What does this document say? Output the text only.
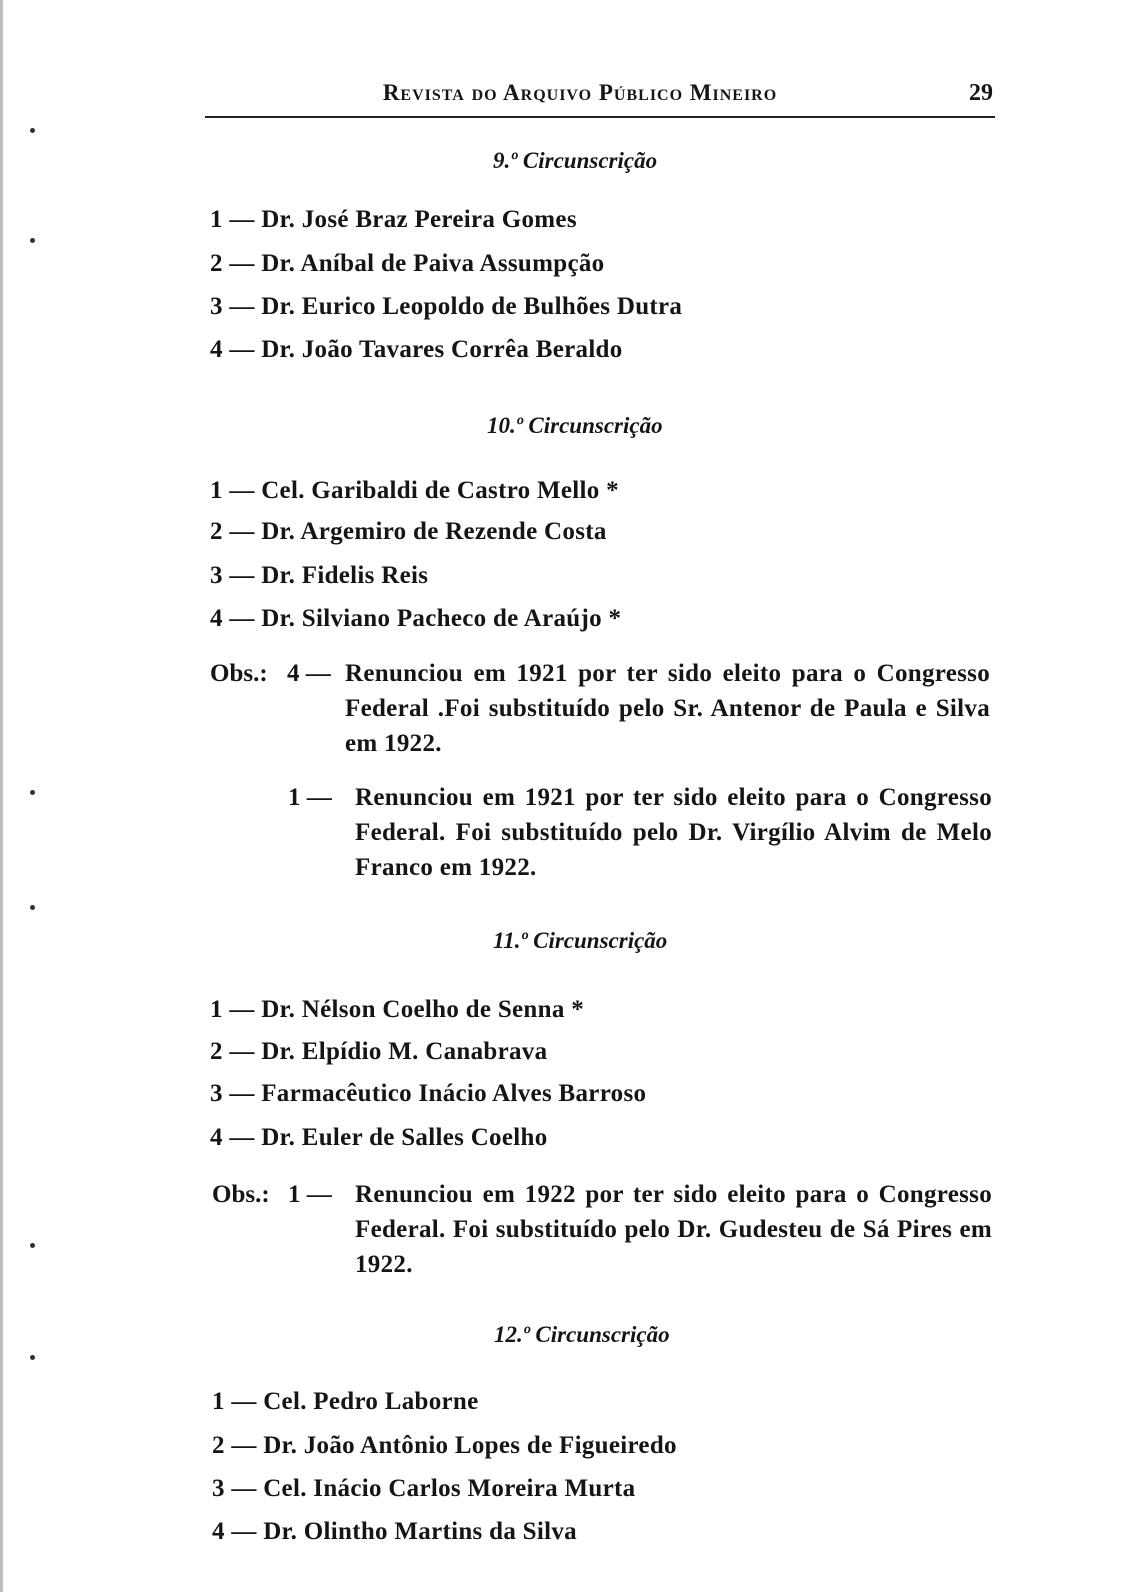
Revista do Arquivo Público Mineiro	29
9.º Circunscrição
1 — Dr. José Braz Pereira Gomes
2 — Dr. Aníbal de Paiva Assumpção
3 — Dr. Eurico Leopoldo de Bulhões Dutra
4 — Dr. João Tavares Corrêa Beraldo
10.º Circunscrição
1 — Cel. Garibaldi de Castro Mello *
2 — Dr. Argemiro de Rezende Costa
3 — Dr. Fidelis Reis
4 — Dr. Silviano Pacheco de Araújo *
Obs.: 4 — Renunciou em 1921 por ter sido eleito para o Congresso Federal .Foi substituído pelo Sr. Antenor de Paula e Silva em 1922.
1 — Renunciou em 1921 por ter sido eleito para o Congresso Federal. Foi substituído pelo Dr. Virgílio Alvim de Melo Franco em 1922.
11.º Circunscrição
1 — Dr. Nélson Coelho de Senna *
2 — Dr. Elpídio M. Canabrava
3 — Farmacêutico Inácio Alves Barroso
4 — Dr. Euler de Salles Coelho
Obs.: 1 — Renunciou em 1922 por ter sido eleito para o Congresso Federal. Foi substituído pelo Dr. Gudesteu de Sá Pires em 1922.
12.º Circunscrição
1 — Cel. Pedro Laborne
2 — Dr. João Antônio Lopes de Figueiredo
3 — Cel. Inácio Carlos Moreira Murta
4 — Dr. Olintho Martins da Silva
